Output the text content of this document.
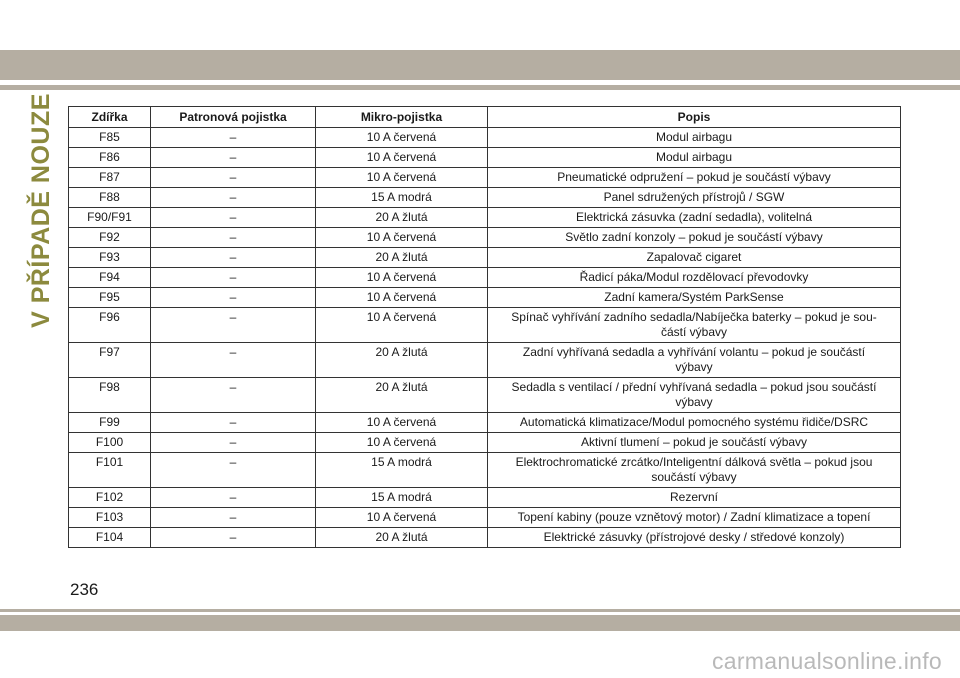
V PŘÍPADĚ NOUZE	Zdířka	Patronová pojistka	Mikro-pojistka	Popis
F85	–	10 A červená	Modul airbagu
F86	–	10 A červená	Modul airbagu
F87	–	10 A červená	Pneumatické odpružení – pokud je součástí výbavy
F88	–	15 A modrá	Panel sdružených přístrojů / SGW
F90/F91	–	20 A žlutá	Elektrická zásuvka (zadní sedadla), volitelná
F92	–	10 A červená	Světlo zadní konzoly – pokud je součástí výbavy
F93	–	20 A žlutá	Zapalovač cigaret
F94	–	10 A červená	Řadicí páka/Modul rozdělovací převodovky
F95	–	10 A červená	Zadní kamera/Systém ParkSense
F96	–	10 A červená	Spínač vyhřívání zadního sedadla/Nabíječka baterky – pokud je sou-
částí výbavy
F97	–	20 A žlutá	Zadní vyhřívaná sedadla a vyhřívání volantu – pokud je součástí
výbavy
F98	–	20 A žlutá	Sedadla s ventilací / přední vyhřívaná sedadla – pokud jsou součástí
výbavy
F99	–	10 A červená	Automatická klimatizace/Modul pomocného systému řidiče/DSRC
F100	–	10 A červená	Aktivní tlumení – pokud je součástí výbavy
F101	–	15 A modrá	Elektrochromatické zrcátko/Inteligentní dálková světla – pokud jsou
součástí výbavy
F102	–	15 A modrá	Rezervní
F103	–	10 A červená	Topení kabiny (pouze vznětový motor) / Zadní klimatizace a topení
F104	–	20 A žlutá	Elektrické zásuvky (přístrojové desky / středové konzoly)
236
carmanualsonline.info
